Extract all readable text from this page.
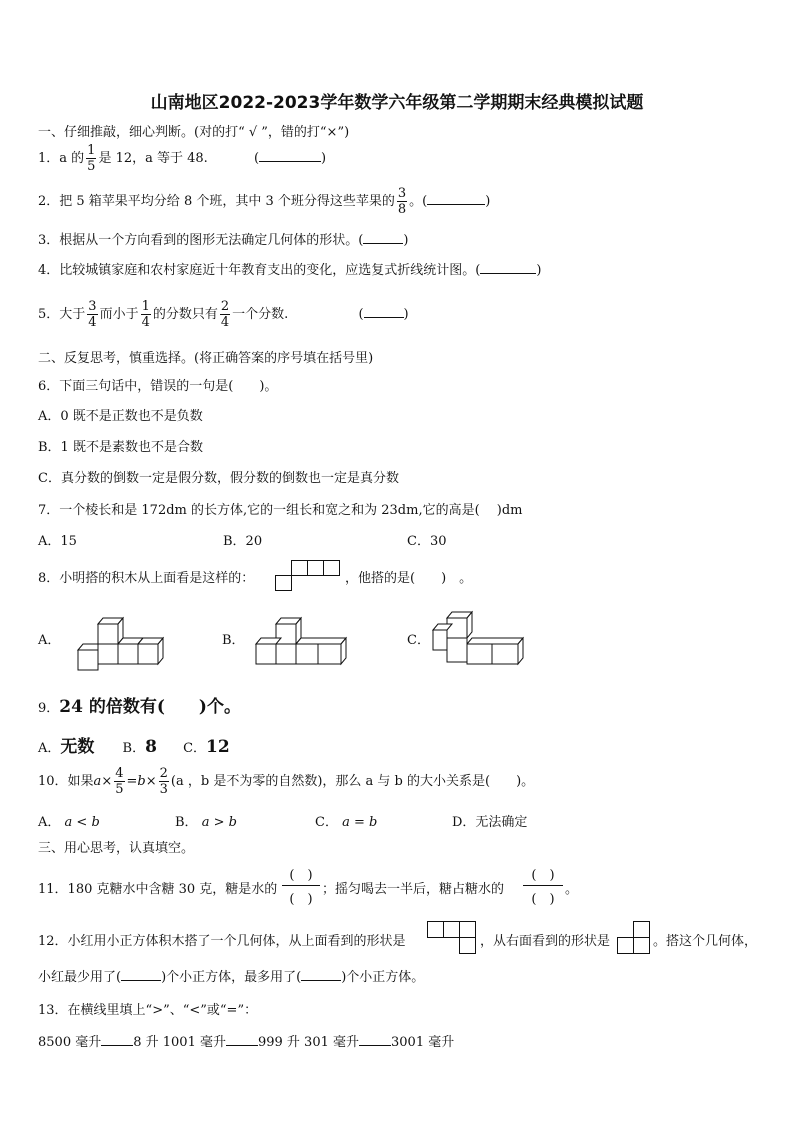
山南地区2022-2023学年数学六年级第二学期期末经典模拟试题
一、仔细推敲，细心判断。(对的打“ √ ”，错的打“×”)
1．a 的 $\frac{1}{5}$ 是 12，a 等于 48.	(	)
2．把 5 箱苹果平均分给 8 个班，其中 3 个班分得这些苹果的 $\frac{3}{8}$ 。(	)
3．根据从一个方向看到的图形无法确定几何体的形状。(	)
4．比较城镇家庭和农村家庭近十年教育支出的变化，应选复式折线统计图。(	)
5．大于 $\frac{3}{4}$ 而小于 $\frac{1}{4}$ 的分数只有 $\frac{2}{4}$ 一个分数.	(	)
二、反复思考，慎重选择。(将正确答案的序号填在括号里)
6．下面三句话中，错误的一句是(　　)。
A．0 既不是正数也不是负数
B．1 既不是素数也不是合数
C．真分数的倒数一定是假分数，假分数的倒数也一定是真分数
7．一个棱长和是 172dm 的长方体,它的一组长和宽之和为 23dm,它的高是(　 )dm
A．15	B．20	C．30
8．小明搭的积木从上面看是这样的：	，他搭的是(　　)　。
A．	B．	C．
9．24 的倍数有(　　)个。
A．无数 B．8 C．12
10．如果$a\times \frac{4}{5} =b\times \frac{2}{3} (a$ ，b 是不为零的自然数)，那么 a 与 b 的大小关系是(　　)。
A． a < b	B． a > b	C． a = b	D．无法确定
三、用心思考，认真填空。
11．180 克糖水中含糖 30 克，糖是水的
(　)
(　)
；摇匀喝去一半后，糖占糖水的
(　)
(　)
。
12．小红用小正方体积木搭了一个几何体，从上面看到的形状是	，从右面看到的形状是	。搭这个几何体，
小红最少用了(	)个小正方体，最多用了(	)个小正方体。
13．在横线里填上“>”、“<”或“=”：
8500 毫升 8 升 1001 毫升 999 升 301 毫升 3001 毫升
